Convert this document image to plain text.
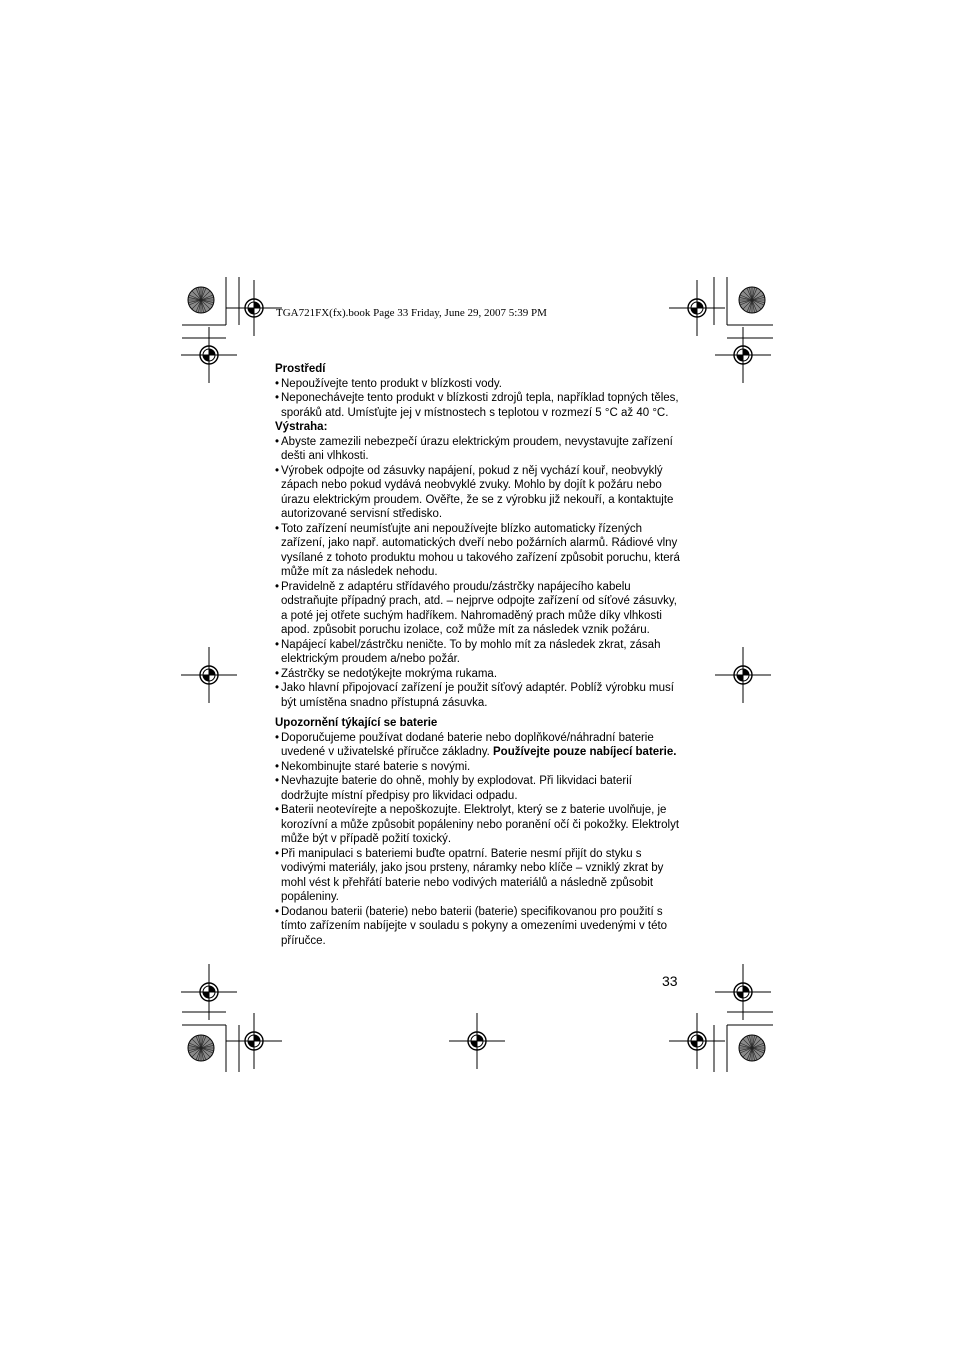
TGA721FX(fx).book Page 33 Friday, June 29, 2007 5:39 PM
Prostředí
• Nepoužívejte tento produkt v blízkosti vody.
• Neponechávejte tento produkt v blízkosti zdrojů tepla, například topných těles, sporáků atd. Umísťujte jej v místnostech s teplotou v rozmezí 5 °C až 40 °C.
Výstraha:
• Abyste zamezili nebezpečí úrazu elektrickým proudem, nevystavujte zařízení dešti ani vlhkosti.
• Výrobek odpojte od zásuvky napájení, pokud z něj vychází kouř, neobvyklý zápach nebo pokud vydává neobvyklé zvuky. Mohlo by dojít k požáru nebo úrazu elektrickým proudem. Ověřte, že se z výrobku již nekouří, a kontaktujte autorizované servisní středisko.
• Toto zařízení neumísťujte ani nepoužívejte blízko automaticky řízených zařízení, jako např. automatických dveří nebo požárních alarmů. Rádiové vlny vysílané z tohoto produktu mohou u takového zařízení způsobit poruchu, která může mít za následek nehodu.
• Pravidelně z adaptéru střídavého proudu/zástrčky napájecího kabelu odstraňujte případný prach, atd. – nejprve odpojte zařízení od síťové zásuvky, a poté jej otřete suchým hadříkem. Nahromaděný prach může díky vlhkosti apod. způsobit poruchu izolace, což může mít za následek vznik požáru.
• Napájecí kabel/zástrčku neničte. To by mohlo mít za následek zkrat, zásah elektrickým proudem a/nebo požár.
• Zástrčky se nedotýkejte mokrýma rukama.
• Jako hlavní připojovací zařízení je použit síťový adaptér. Poblíž výrobku musí být umístěna snadno přístupná zásuvka.
Upozornění týkající se baterie
• Doporučujeme používat dodané baterie nebo doplňkové/náhradní baterie uvedené v uživatelské příručce základny. Používejte pouze nabíjecí baterie.
• Nekombinujte staré baterie s novými.
• Nevhazujte baterie do ohně, mohly by explodovat. Při likvidaci baterií dodržujte místní předpisy pro likvidaci odpadu.
• Baterii neotevírejte a nepoškozujte. Elektrolyt, který se z baterie uvolňuje, je korozívní a může způsobit popáleniny nebo poranění očí či pokožky. Elektrolyt může být v případě požití toxický.
• Při manipulaci s bateriemi buďte opatrní. Baterie nesmí přijít do styku s vodivými materiály, jako jsou prsteny, náramky nebo klíče – vzniklý zkrat by mohl vést k přehřátí baterie nebo vodivých materiálů a následně způsobit popáleniny.
• Dodanou baterii (baterie) nebo baterii (baterie) specifikovanou pro použití s tímto zařízením nabíjejte v souladu s pokyny a omezeními uvedenými v této příručce.
33
